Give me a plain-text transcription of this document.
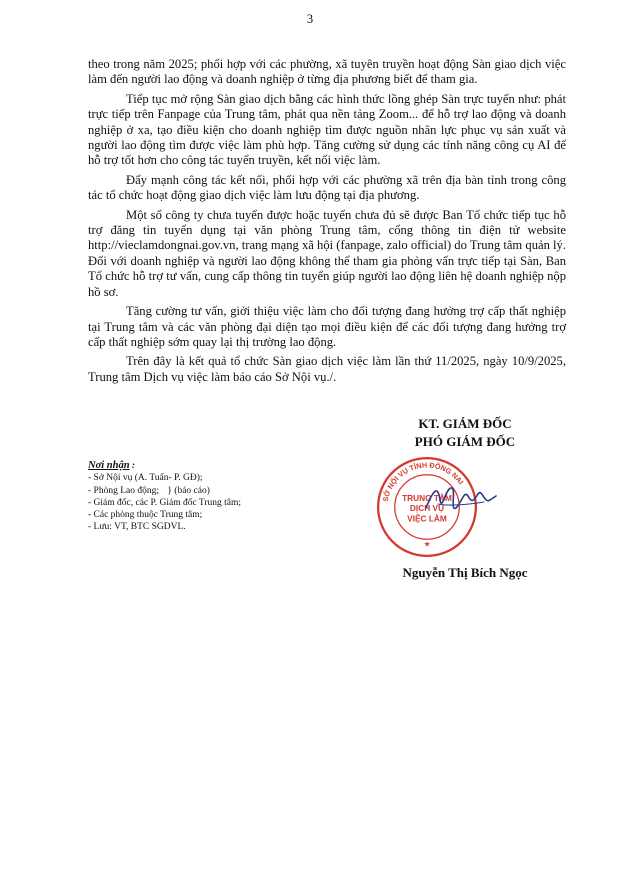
3

theo trong năm 2025; phối hợp với các phường, xã tuyên truyền hoạt động Sàn giao dịch việc làm đến người lao động và doanh nghiệp ở từng địa phương biết để tham gia.

Tiếp tục mở rộng Sàn giao dịch bằng các hình thức lồng ghép Sàn trực tuyến như: phát trực tiếp trên Fanpage của Trung tâm, phát qua nền tảng Zoom... để hỗ trợ lao động và doanh nghiệp ở xa, tạo điều kiện cho doanh nghiệp tìm được nguồn nhân lực phục vụ sản xuất và người lao động tìm được việc làm phù hợp. Tăng cường sử dụng các tính năng công cụ AI để hỗ trợ tốt hơn cho công tác tuyển truyền, kết nối việc làm.

Đẩy mạnh công tác kết nối, phối hợp với các phường xã trên địa bàn tỉnh trong công tác tổ chức hoạt động giao dịch việc làm lưu động tại địa phương.

Một số công ty chưa tuyển được hoặc tuyển chưa đủ sẽ được Ban Tổ chức tiếp tục hỗ trợ đăng tin tuyển dụng tại văn phòng Trung tâm, cổng thông tin điện tử website http://vieclamdongnai.gov.vn, trang mạng xã hội (fanpage, zalo official) do Trung tâm quản lý. Đối với doanh nghiệp và người lao động không thể tham gia phỏng vấn trực tiếp tại Sàn, Ban Tổ chức hỗ trợ tư vấn, cung cấp thông tin tuyển giúp người lao động liên hệ doanh nghiệp nộp hồ sơ.

Tăng cường tư vấn, giới thiệu việc làm cho đối tượng đang hưởng trợ cấp thất nghiệp tại Trung tâm và các văn phòng đại diện tạo mọi điều kiện để các đối tượng đang hưởng trợ cấp thất nghiệp sớm quay lại thị trường lao động.

Trên đây là kết quả tổ chức Sàn giao dịch việc làm lần thứ 11/2025, ngày 10/9/2025, Trung tâm Dịch vụ việc làm báo cáo Sở Nội vụ./.

KT. GIÁM ĐỐC
PHÓ GIÁM ĐỐC
Nơi nhận :
- Sở Nội vụ (A. Tuấn- P. GĐ);
- Phòng Lao động; } (báo cáo)
- Giám đốc, các P. Giám đốc Trung tâm;
- Các phòng thuộc Trung tâm;
- Lưu: VT, BTC SGDVL.
SỞ NỘI VỤ TỈNH ĐỒNG NAI
TRUNG TÂM
DỊCH VỤ
VIỆC LÀM
★
Nguyễn Thị Bích Ngọc
